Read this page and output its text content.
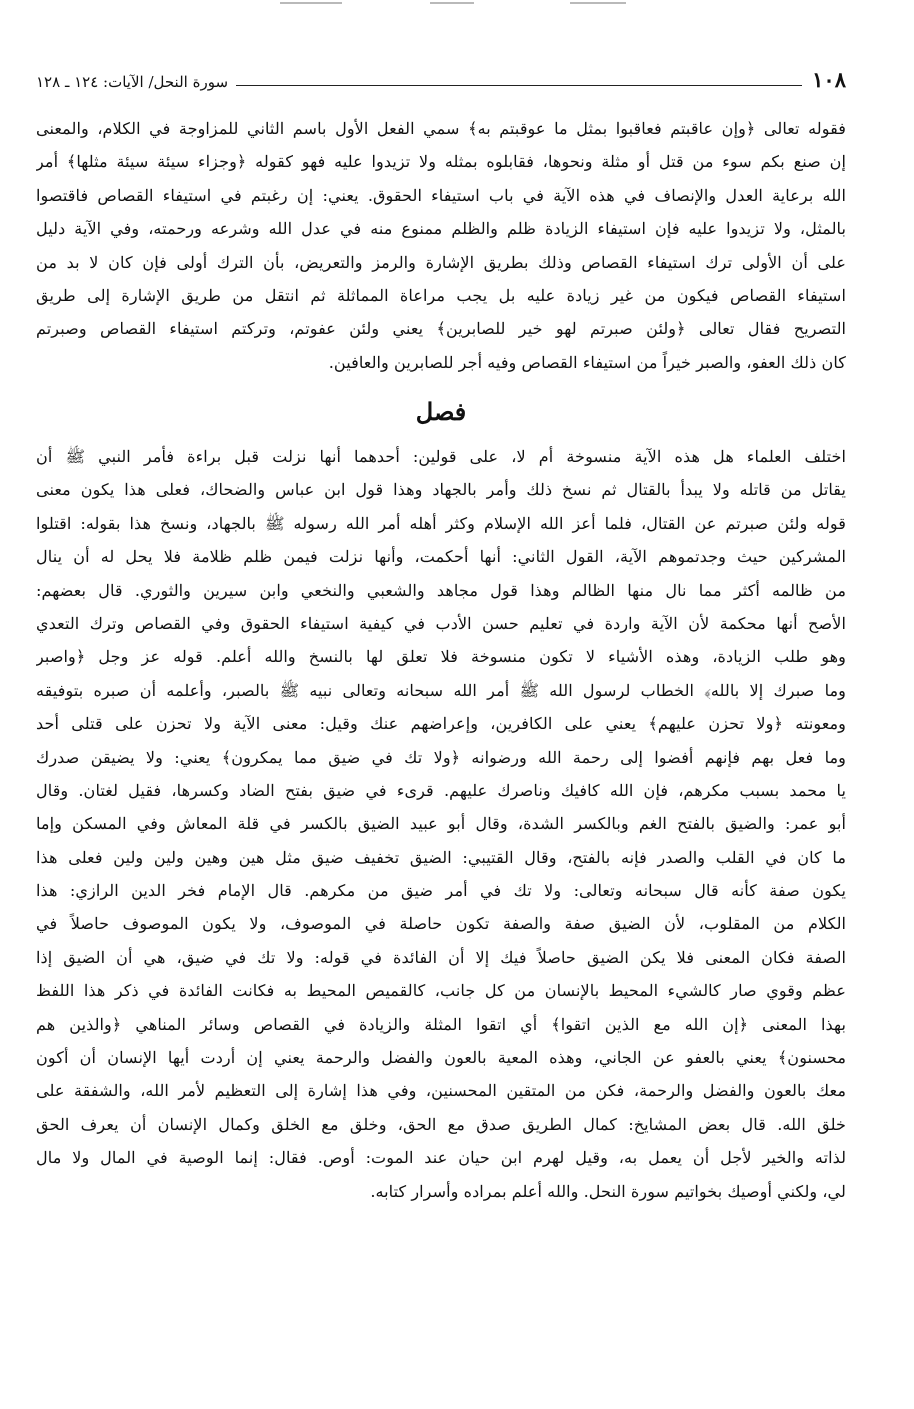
١٠٨
سورة النحل/ الآيات: ١٢٤ ـ ١٢٨
فقوله تعالى ﴿وإن عاقبتم فعاقبوا بمثل ما عوقبتم به﴾ سمي الفعل الأول باسم الثاني للمزاوجة في الكلام، والمعنى
إن صنع بكم سوء من قتل أو مثلة ونحوها، فقابلوه بمثله ولا تزيدوا عليه فهو كقوله ﴿وجزاء سيئة سيئة مثلها﴾ أمر
الله برعاية العدل والإنصاف في هذه الآية في باب استيفاء الحقوق. يعني: إن رغبتم في استيفاء القصاص فاقتصوا
بالمثل، ولا تزيدوا عليه فإن استيفاء الزيادة ظلم والظلم ممنوع منه في عدل الله وشرعه ورحمته، وفي الآية دليل
على أن الأولى ترك استيفاء القصاص وذلك بطريق الإشارة والرمز والتعريض، بأن الترك أولى فإن كان لا بد من
استيفاء القصاص فيكون من غير زيادة عليه بل يجب مراعاة المماثلة ثم انتقل من طريق الإشارة إلى طريق
التصريح فقال تعالى ﴿ولئن صبرتم لهو خير للصابرين﴾ يعني ولئن عفوتم، وتركتم استيفاء القصاص وصبرتم
كان ذلك العفو، والصبر خيراً من استيفاء القصاص وفيه أجر للصابرين والعافين.
فصل
اختلف العلماء هل هذه الآية منسوخة أم لا، على قولين: أحدهما أنها نزلت قبل براءة فأمر النبي ﷺ أن
يقاتل من قاتله ولا يبدأ بالقتال ثم نسخ ذلك وأمر بالجهاد وهذا قول ابن عباس والضحاك، فعلى هذا يكون معنى
قوله ولئن صبرتم عن القتال، فلما أعز الله الإسلام وكثر أهله أمر الله رسوله ﷺ بالجهاد، ونسخ هذا بقوله: اقتلوا
المشركين حيث وجدتموهم الآية، القول الثاني: أنها أحكمت، وأنها نزلت فيمن ظلم ظلامة فلا يحل له أن ينال
من ظالمه أكثر مما نال منها الظالم وهذا قول مجاهد والشعبي والنخعي وابن سيرين والثوري. قال بعضهم:
الأصح أنها محكمة لأن الآية واردة في تعليم حسن الأدب في كيفية استيفاء الحقوق وفي القصاص وترك التعدي
وهو طلب الزيادة، وهذه الأشياء لا تكون منسوخة فلا تعلق لها بالنسخ والله أعلم. قوله عز وجل ﴿واصبر
وما صبرك إلا بالله﴾ الخطاب لرسول الله ﷺ أمر الله سبحانه وتعالى نبيه ﷺ بالصبر، وأعلمه أن صبره بتوفيقه
ومعونته ﴿ولا تحزن عليهم﴾ يعني على الكافرين، وإعراضهم عنك وقيل: معنى الآية ولا تحزن على قتلى أحد
وما فعل بهم فإنهم أفضوا إلى رحمة الله ورضوانه ﴿ولا تك في ضيق مما يمكرون﴾ يعني: ولا يضيقن صدرك
يا محمد بسبب مكرهم، فإن الله كافيك وناصرك عليهم. قرىء في ضيق بفتح الضاد وكسرها، فقيل لغتان. وقال
أبو عمر: والضيق بالفتح الغم وبالكسر الشدة، وقال أبو عبيد الضيق بالكسر في قلة المعاش وفي المسكن وإما
ما كان في القلب والصدر فإنه بالفتح، وقال القتيبي: الضيق تخفيف ضيق مثل هين وهين ولين ولين فعلى هذا
يكون صفة كأنه قال سبحانه وتعالى: ولا تك في أمر ضيق من مكرهم. قال الإمام فخر الدين الرازي: هذا
الكلام من المقلوب، لأن الضيق صفة والصفة تكون حاصلة في الموصوف، ولا يكون الموصوف حاصلاً في
الصفة فكان المعنى فلا يكن الضيق حاصلاً فيك إلا أن الفائدة في قوله: ولا تك في ضيق، هي أن الضيق إذا
عظم وقوي صار كالشيء المحيط بالإنسان من كل جانب، كالقميص المحيط به فكانت الفائدة في ذكر هذا اللفظ
بهذا المعنى ﴿إن الله مع الذين اتقوا﴾ أي اتقوا المثلة والزيادة في القصاص وسائر المناهي ﴿والذين هم
محسنون﴾ يعني بالعفو عن الجاني، وهذه المعية بالعون والفضل والرحمة يعني إن أردت أيها الإنسان أن أكون
معك بالعون والفضل والرحمة، فكن من المتقين المحسنين، وفي هذا إشارة إلى التعظيم لأمر الله، والشفقة على
خلق الله. قال بعض المشايخ: كمال الطريق صدق مع الحق، وخلق مع الخلق وكمال الإنسان أن يعرف الحق
لذاته والخير لأجل أن يعمل به، وقيل لهرم ابن حيان عند الموت: أوص. فقال: إنما الوصية في المال ولا مال
لي، ولكني أوصيك بخواتيم سورة النحل. والله أعلم بمراده وأسرار كتابه.
